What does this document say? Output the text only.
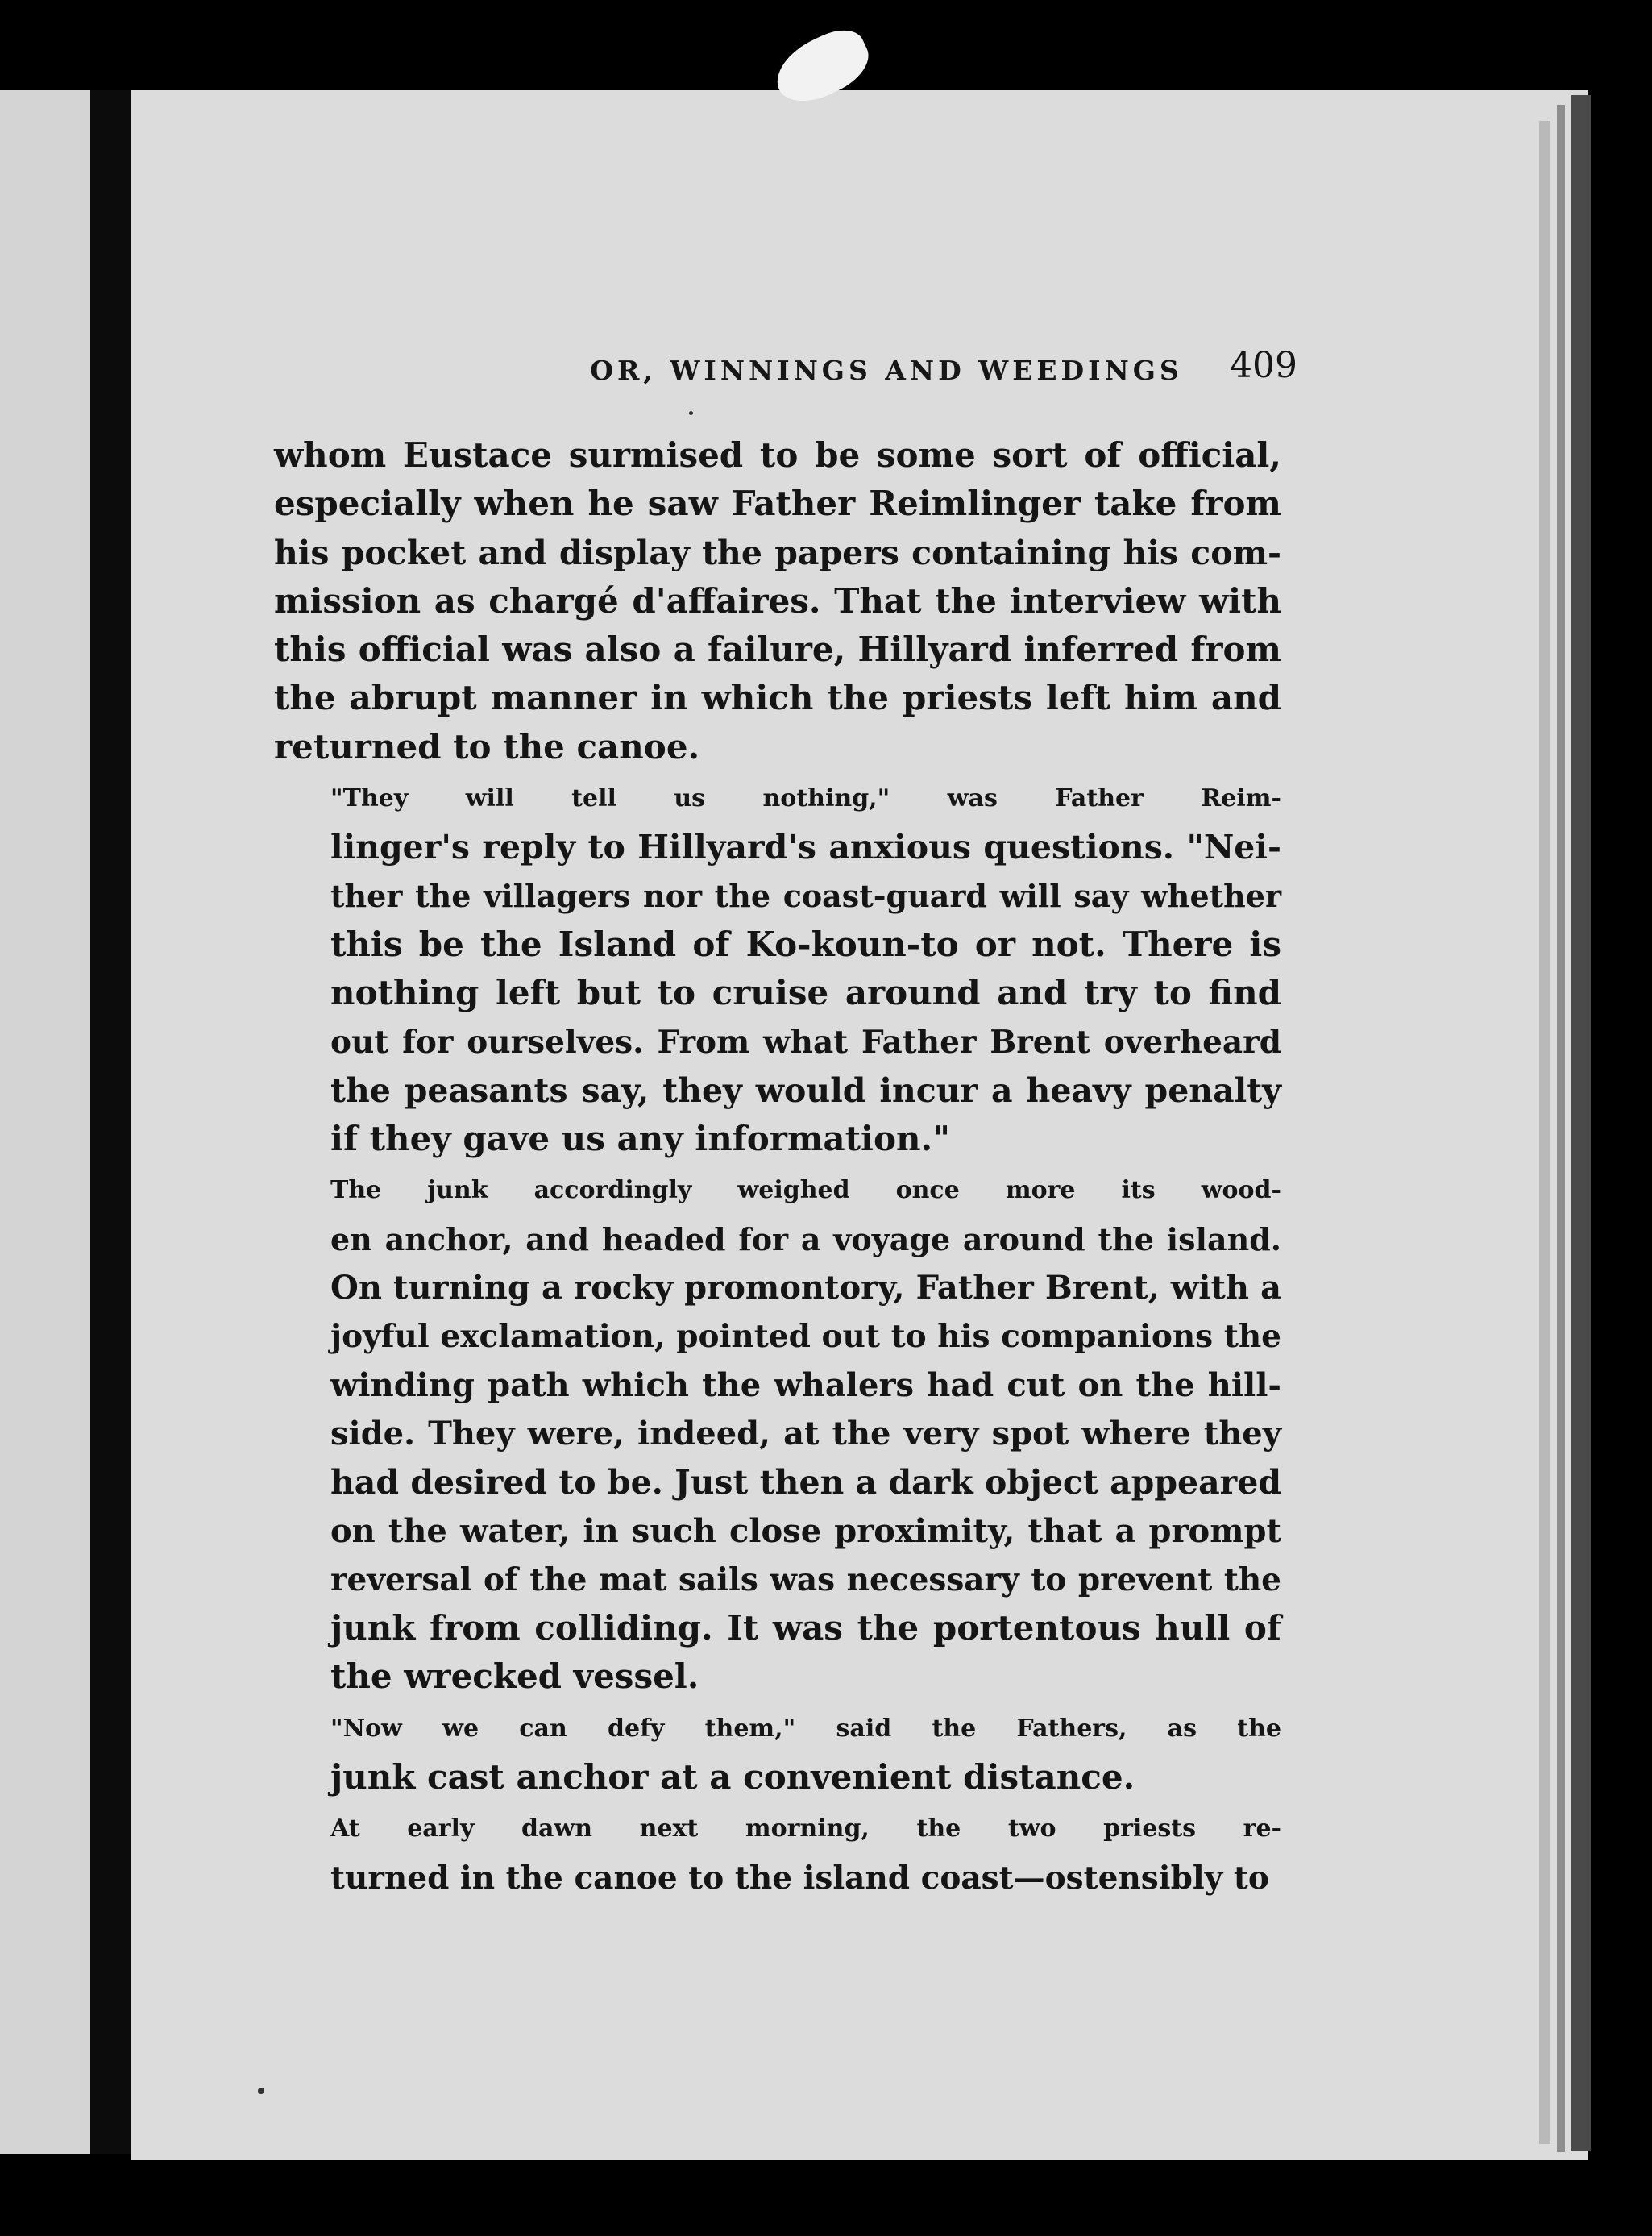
OR, WINNINGS AND WEEDINGS	409
whom Eustace surmised to be some sort of official,
especially when he saw Father Reimlinger take from
his pocket and display the papers containing his com-
mission as chargé d'affaires. That the interview with
this official was also a failure, Hillyard inferred from
the abrupt manner in which the priests left him and
returned to the canoe.
"They will tell us nothing," was Father Reim-
linger's reply to Hillyard's anxious questions. "Nei-
ther the villagers nor the coast-guard will say whether
this be the Island of Ko-koun-to or not. There is
nothing left but to cruise around and try to find
out for ourselves. From what Father Brent overheard
the peasants say, they would incur a heavy penalty
if they gave us any information."
The junk accordingly weighed once more its wood-
en anchor, and headed for a voyage around the island.
On turning a rocky promontory, Father Brent, with a
joyful exclamation, pointed out to his companions the
winding path which the whalers had cut on the hill-
side. They were, indeed, at the very spot where they
had desired to be. Just then a dark object appeared
on the water, in such close proximity, that a prompt
reversal of the mat sails was necessary to prevent the
junk from colliding. It was the portentous hull of
the wrecked vessel.
"Now we can defy them," said the Fathers, as the
junk cast anchor at a convenient distance.
At early dawn next morning, the two priests re-
turned in the canoe to the island coast—ostensibly to
